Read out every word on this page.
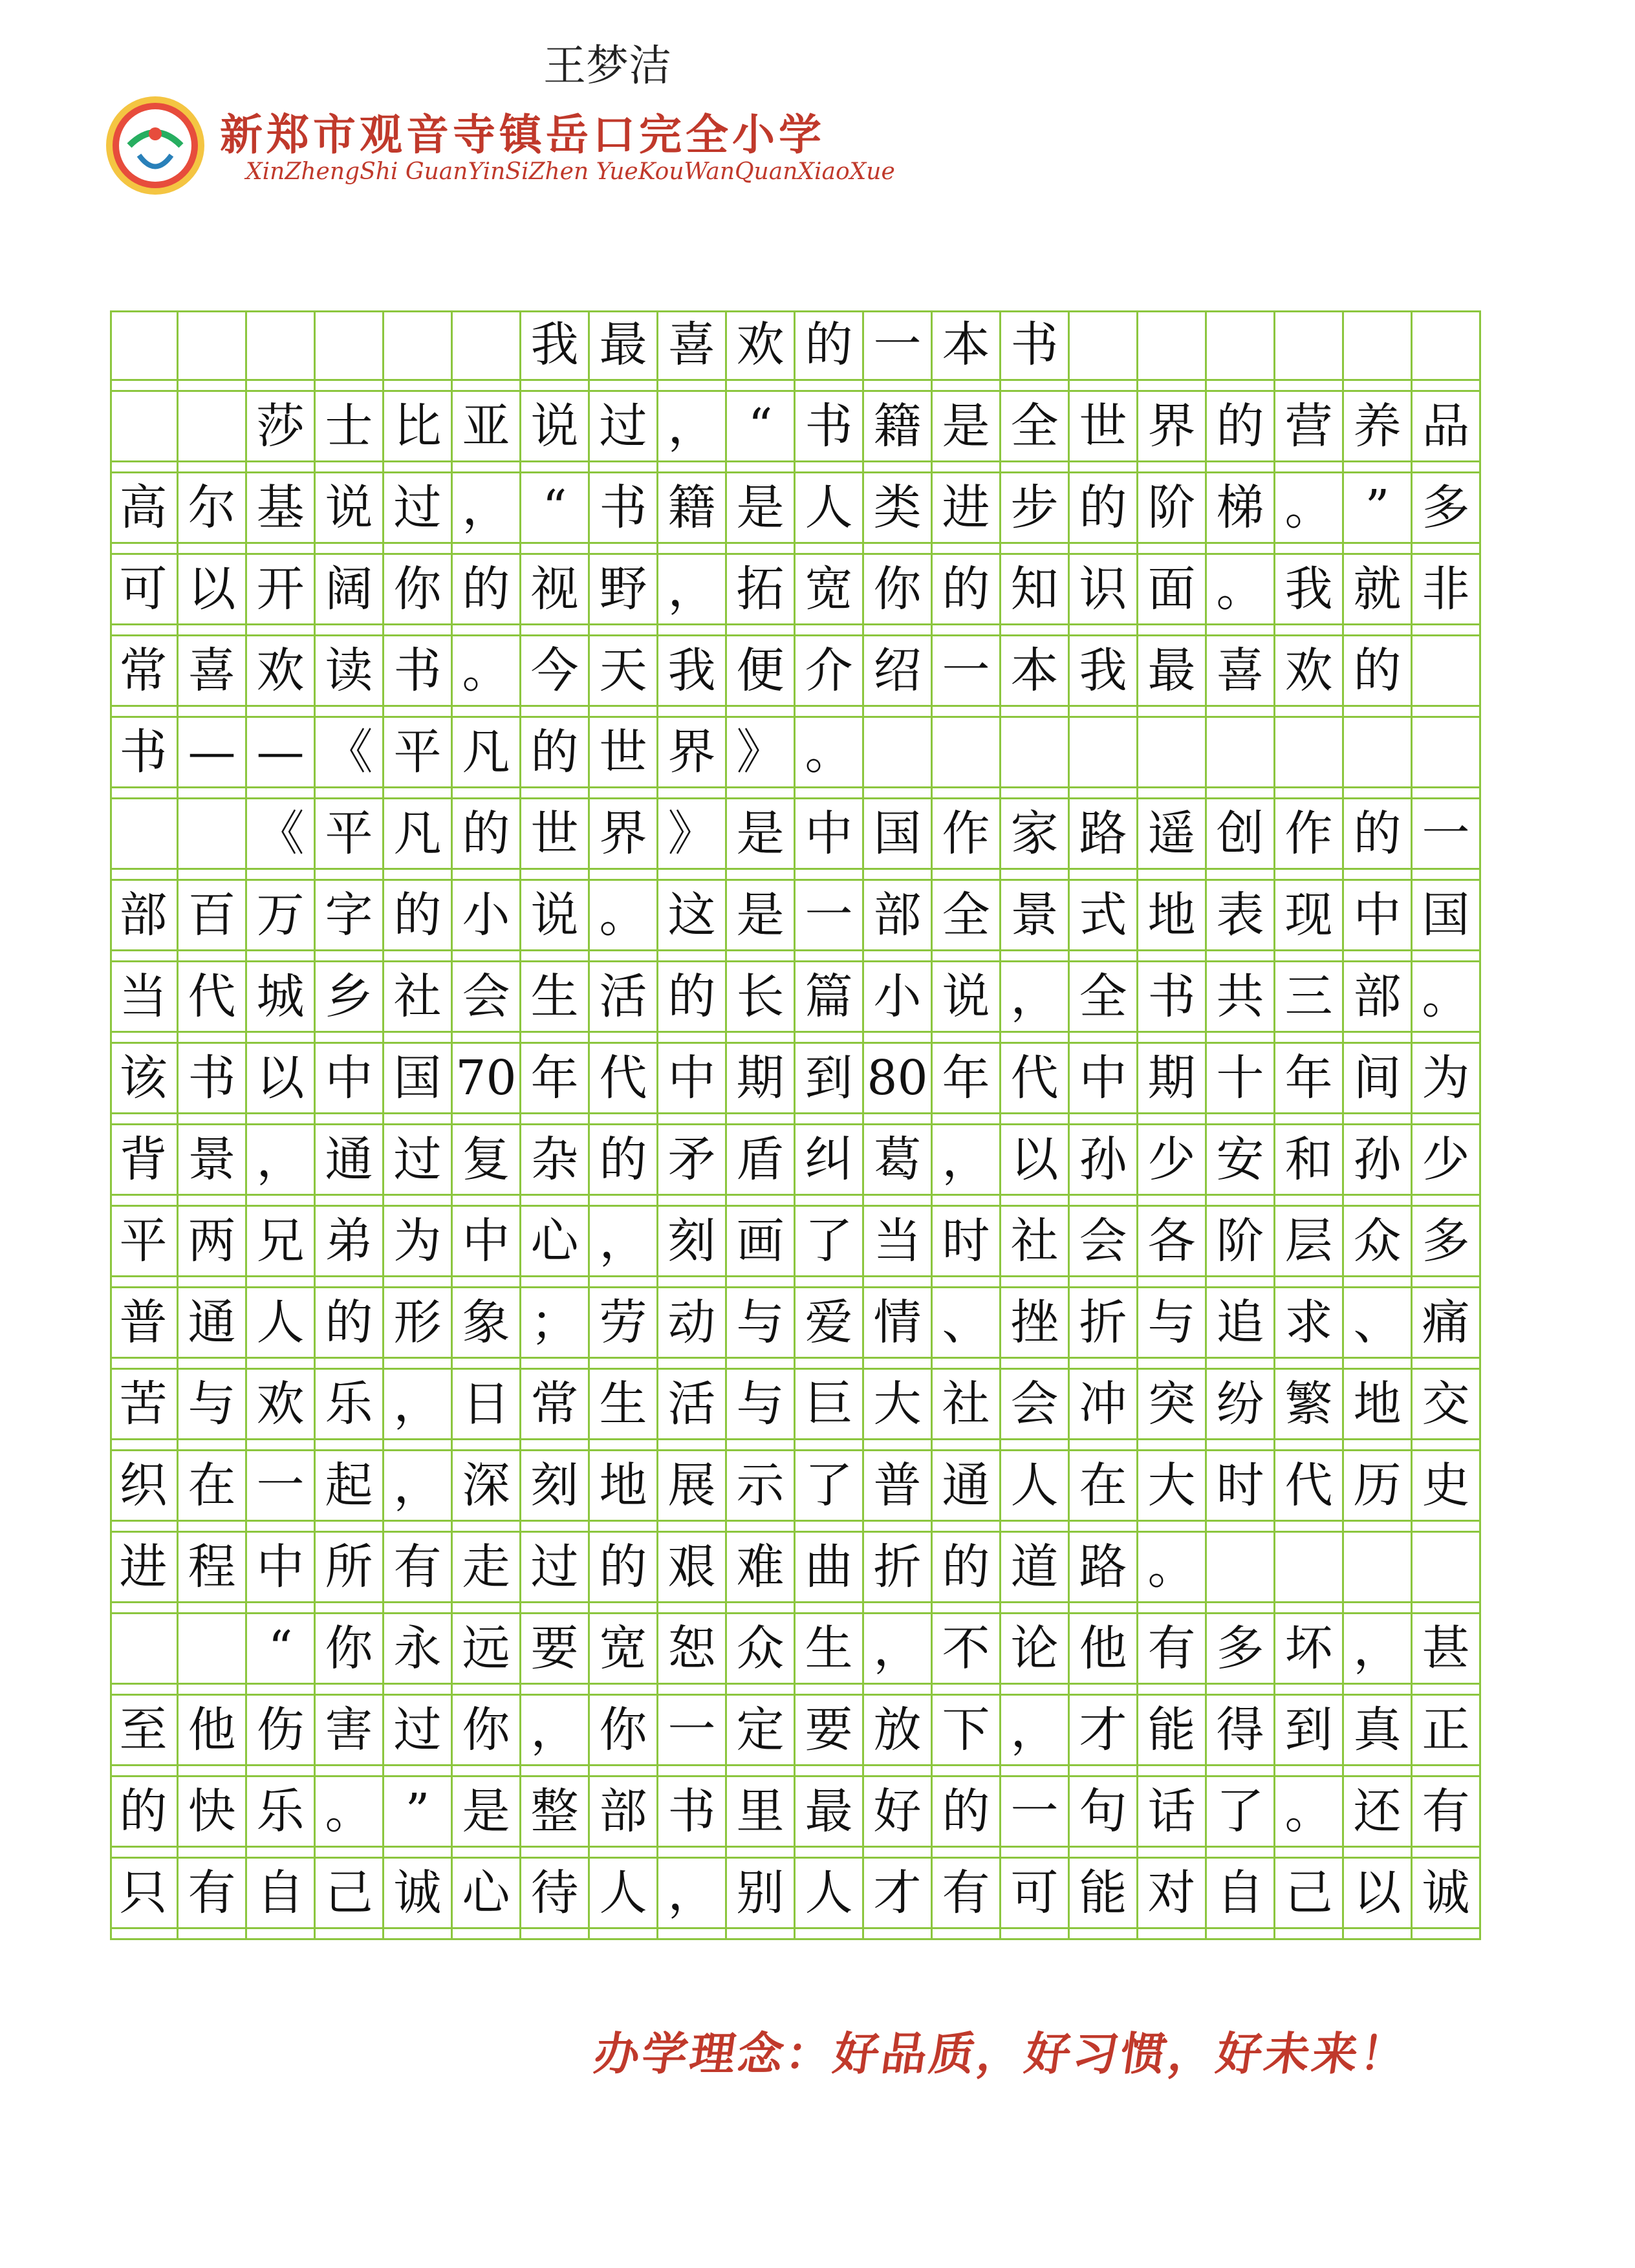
王梦洁
新郑市观音寺镇岳口完全小学
XinZhengShi GuanYinSiZhen YueKouWanQuanXiaoXue
我 最 喜 欢 的 一 本 书
莎 士 比 亚 说 过 ， “ 书 籍 是 全 世 界 的 营 养 品
高 尔 基 说 过 ， “ 书 籍 是 人 类 进 步 的 阶 梯 。 ” 多
可 以 开 阔 你 的 视 野 ， 拓 宽 你 的 知 识 面 。 我 就 非
常 喜 欢 读 书 。 今 天 我 便 介 绍 一 本 我 最 喜 欢 的
书 — — 《 平 凡 的 世 界 》 。
《 平 凡 的 世 界 》 是 中 国 作 家 路 遥 创 作 的 一
部 百 万 字 的 小 说 。 这 是 一 部 全 景 式 地 表 现 中 国
当 代 城 乡 社 会 生 活 的 长 篇 小 说 ， 全 书 共 三 部 。
该 书 以 中 国 70 年 代 中 期 到 80 年 代 中 期 十 年 间 为
背 景 ， 通 过 复 杂 的 矛 盾 纠 葛 ， 以 孙 少 安 和 孙 少
平 两 兄 弟 为 中 心 ， 刻 画 了 当 时 社 会 各 阶 层 众 多
普 通 人 的 形 象 ； 劳 动 与 爱 情 、 挫 折 与 追 求 、 痛
苦 与 欢 乐 ， 日 常 生 活 与 巨 大 社 会 冲 突 纷 繁 地 交
织 在 一 起 ， 深 刻 地 展 示 了 普 通 人 在 大 时 代 历 史
进 程 中 所 有 走 过 的 艰 难 曲 折 的 道 路 。
“ 你 永 远 要 宽 恕 众 生 ， 不 论 他 有 多 坏 ， 甚
至 他 伤 害 过 你 ， 你 一 定 要 放 下 ， 才 能 得 到 真 正
的 快 乐 。 ” 是 整 部 书 里 最 好 的 一 句 话 了 。 还 有
只 有 自 己 诚 心 待 人 ， 别 人 才 有 可 能 对 自 己 以 诚
办学理念：好品质，好习惯，好未来！
